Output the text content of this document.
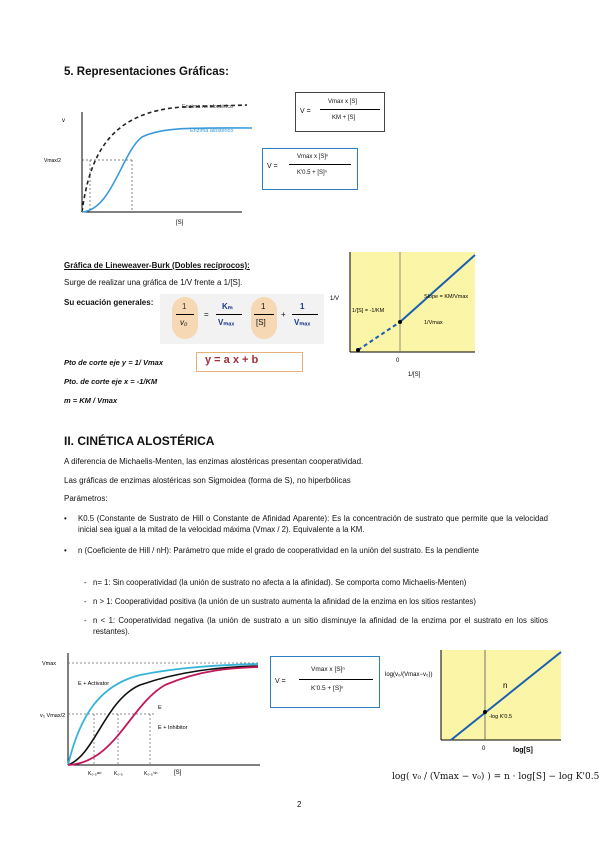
5. Representaciones Gráficas:
v
Vmax/2
Enzima no alostérico
Enzima alostérico
[S]
V =
Vmax x [S]
KM + [S]
V =
Vmax x [S]ⁿ
K'0.5 + [S]ⁿ
Gráfica de Lineweaver-Burk (Dobles recíprocos):
Surge de realizar una gráfica de 1/V frente a 1/[S].
Su ecuación generales:	1
v₀
=
Kₘ
Vₘₐₓ
1
[S]
+
1
Vₘₐₓ
y = a x + b
Pto de corte eje y = 1/ Vmax
Pto. de corte eje x = -1/KM
m = KM / Vmax
1/V
1/[S] = -1/KM
Slope = KM/Vmax
1/Vmax
0
1/[S]
II. CINÉTICA ALOSTÉRICA
A diferencia de Michaelis-Menten, las enzimas alostéricas presentan cooperatividad.
Las gráficas de enzimas alostéricas son Sigmoidea (forma de S), no hiperbólicas
Parámetros:
• K0.5 (Constante de Sustrato de Hill o Constante de Afinidad Aparente): Es la concentración de sustrato que permite que la velocidad inicial sea igual a la mitad de la velocidad máxima (Vmax / 2). Equivalente a la KM.
• n (Coeficiente de Hill / nH): Parámetro que mide el grado de cooperatividad en la unión del sustrato. Es la pendiente
- n= 1: Sin cooperatividad (la unión de sustrato no afecta a la afinidad). Se comporta como Michaelis-Menten)
- n > 1: Cooperatividad positiva (la unión de un sustrato aumenta la afinidad de la enzima en los sitios restantes)
- n < 1: Cooperatividad negativa (la unión de sustrato a un sitio disminuye la afinidad de la enzima por el sustrato en los sitios restantes).
Vmax
v₀ Vmax/2
E + Activator
E
E + Inhibitor
K₀.₅ᵃᶜᵗ K₀.₅	K₀.₅ⁱⁿʰ	[S]
V =
Vmax x [S]ⁿ
K'0.5 + [S]ⁿ
log(v₀/(Vmax−v₀))
n
-log K'0.5
0	log[S]
log( v₀ / (Vmax − v₀) ) = n · log[S] − log K'0.5
2
